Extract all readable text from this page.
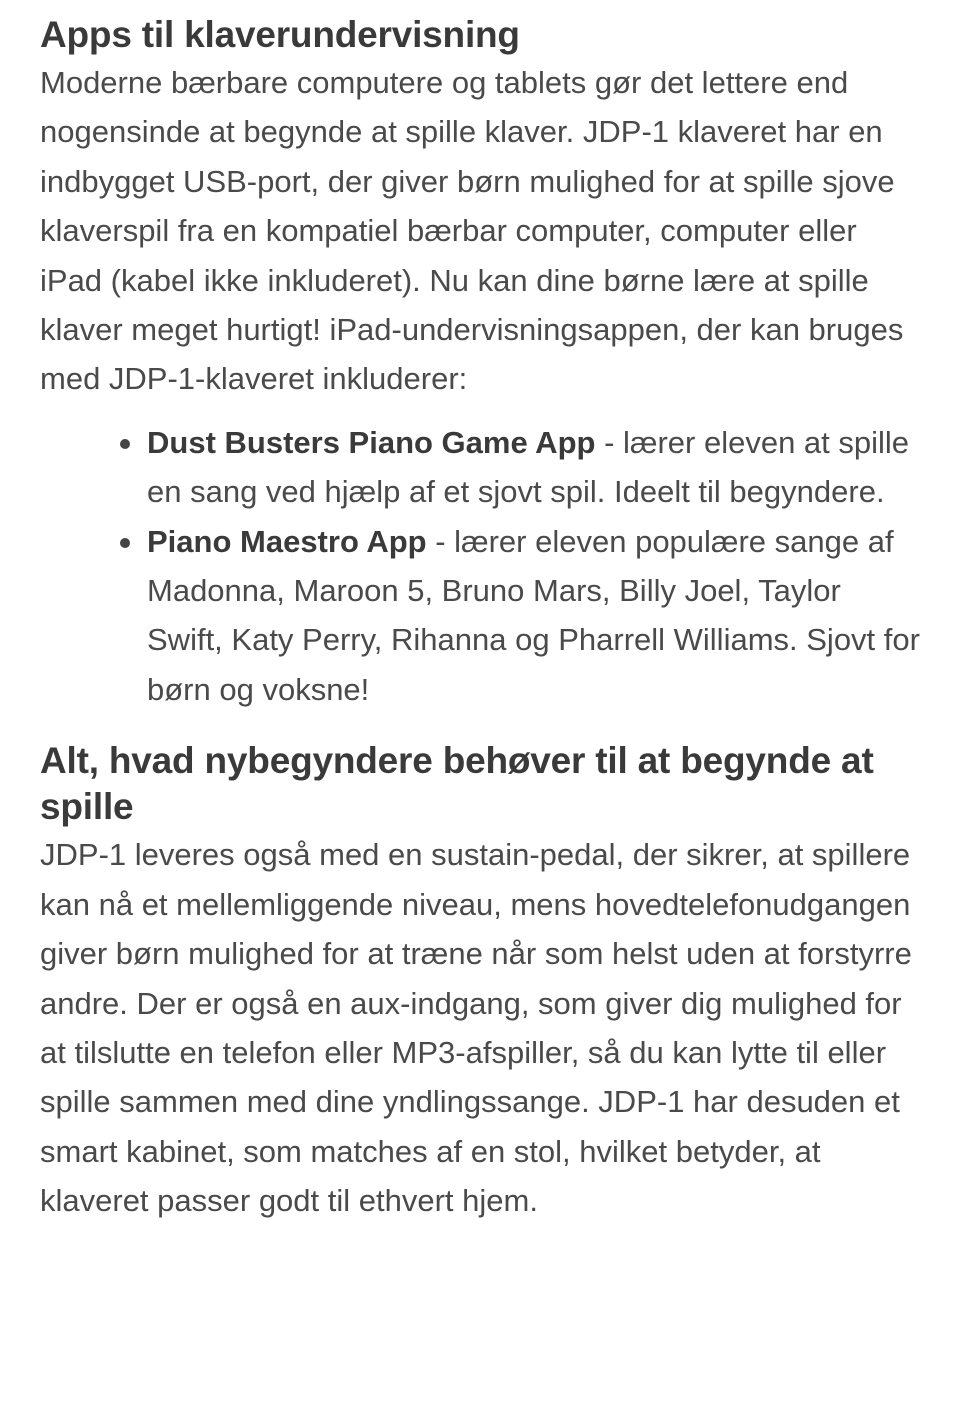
Apps til klaverundervisning

Moderne bærbare computere og tablets gør det lettere end nogensinde at begynde at spille klaver. JDP-1 klaveret har en indbygget USB-port, der giver børn mulighed for at spille sjove klaverspil fra en kompatiel bærbar computer, computer eller iPad (kabel ikke inkluderet). Nu kan dine børne lære at spille klaver meget hurtigt! iPad-undervisningsappen, der kan bruges med JDP-1-klaveret inkluderer:

Dust Busters Piano Game App - lærer eleven at spille en sang ved hjælp af et sjovt spil. Ideelt til begyndere.
Piano Maestro App - lærer eleven populære sange af Madonna, Maroon 5, Bruno Mars, Billy Joel, Taylor Swift, Katy Perry, Rihanna og Pharrell Williams. Sjovt for børn og voksne!
Alt, hvad nybegyndere behøver til at begynde at spille

JDP-1 leveres også med en sustain-pedal, der sikrer, at spillere kan nå et mellemliggende niveau, mens hovedtelefonudgangen giver børn mulighed for at træne når som helst uden at forstyrre andre. Der er også en aux-indgang, som giver dig mulighed for at tilslutte en telefon eller MP3-afspiller, så du kan lytte til eller spille sammen med dine yndlingssange. JDP-1 har desuden et smart kabinet, som matches af en stol, hvilket betyder, at klaveret passer godt til ethvert hjem.
